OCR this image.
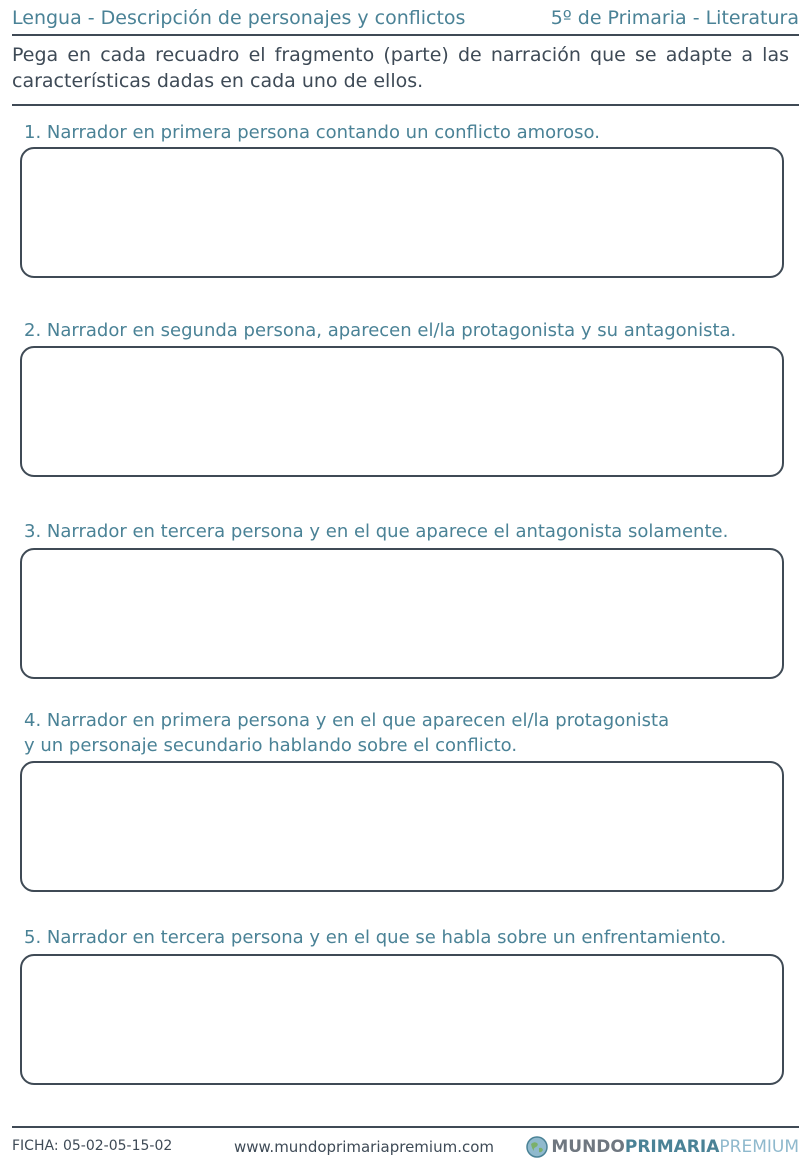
Lengua - Descripción de personajes y conflictos	5º de Primaria - Literatura
Pega en cada recuadro el fragmento (parte) de narración que se adapte a las características dadas en cada uno de ellos.
1. Narrador en primera persona contando un conflicto amoroso.
2. Narrador en segunda persona, aparecen el/la protagonista y su antagonista.
3. Narrador en tercera persona y en el que aparece el antagonista solamente.
4. Narrador en primera persona y en el que aparecen el/la protagonista
y un personaje secundario hablando sobre el conflicto.
5. Narrador en tercera persona y en el que se habla sobre un enfrentamiento.
FICHA: 05-02-05-15-02	www.mundoprimariapremium.com	MUNDO PRIMARIA PREMIUM
